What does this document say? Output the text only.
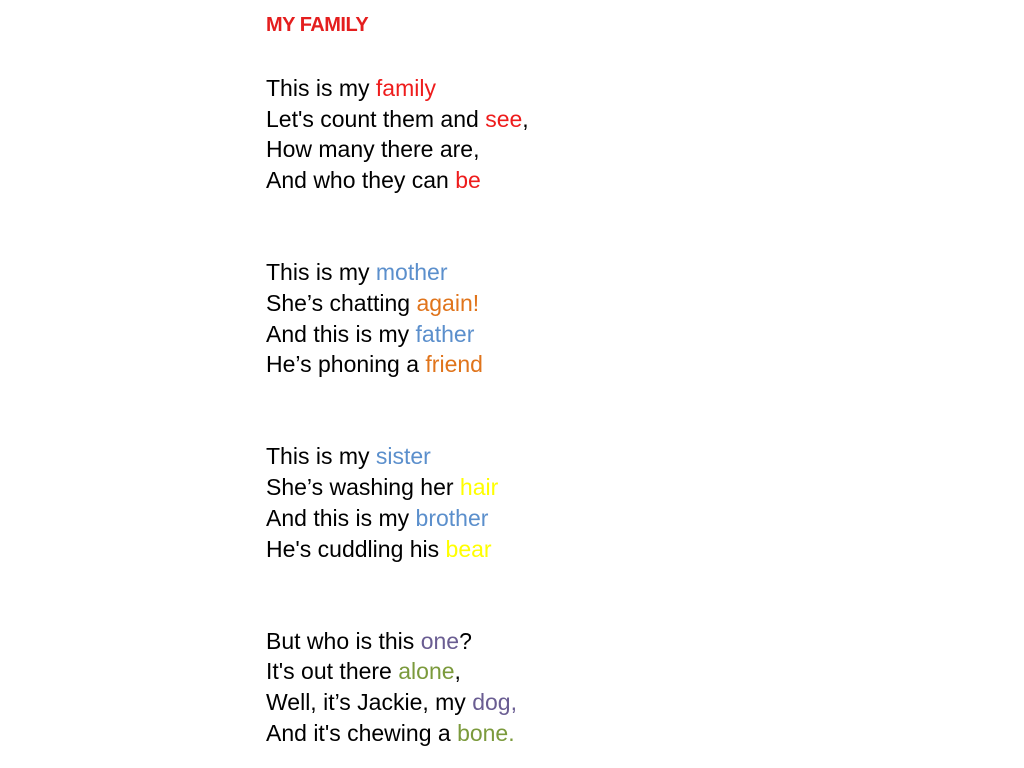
MY FAMILY
This is my family
Let's count them and see,
How many there are,
And who they can be
This is my mother
She’s chatting again!
And this is my father
He’s phoning a friend
This is my sister
She’s washing her hair
And this is my brother
He's cuddling his bear
But who is this one?
It's out there alone,
Well, it’s Jackie, my dog,
And it's chewing a bone.
